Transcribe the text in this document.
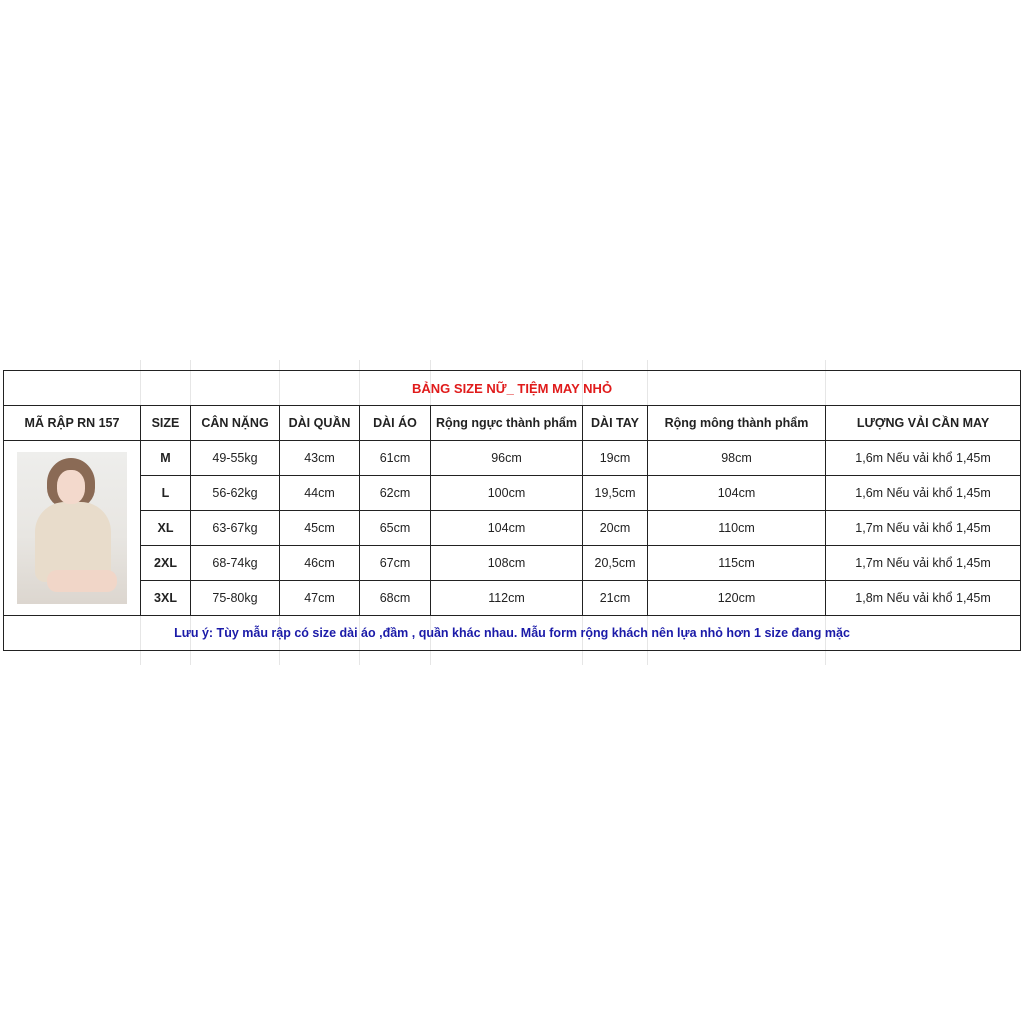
BẢNG SIZE NỮ_ TIỆM MAY NHỎ								
MÃ RẬP RN 157	SIZE	CÂN NẶNG	DÀI QUẦN	DÀI ÁO	Rộng ngực thành phẩm	DÀI TAY	Rộng mông thành phẩm	LƯỢNG VẢI CẦN MAY

	M	49-55kg	43cm	61cm	96cm	19cm	98cm	1,6m Nếu vải khổ 1,45m
	L	56-62kg	44cm	62cm	100cm	19,5cm	104cm	1,6m Nếu vải khổ 1,45m
	XL	63-67kg	45cm	65cm	104cm	20cm	110cm	1,7m Nếu vải khổ 1,45m
	2XL	68-74kg	46cm	67cm	108cm	20,5cm	115cm	1,7m Nếu vải khổ 1,45m
	3XL	75-80kg	47cm	68cm	112cm	21cm	120cm	1,8m Nếu vải khổ 1,45m
Lưu ý: Tùy mẫu rập có size dài áo ,đầm , quần khác nhau. Mẫu form rộng khách nên lựa nhỏ hơn 1 size đang mặc								
